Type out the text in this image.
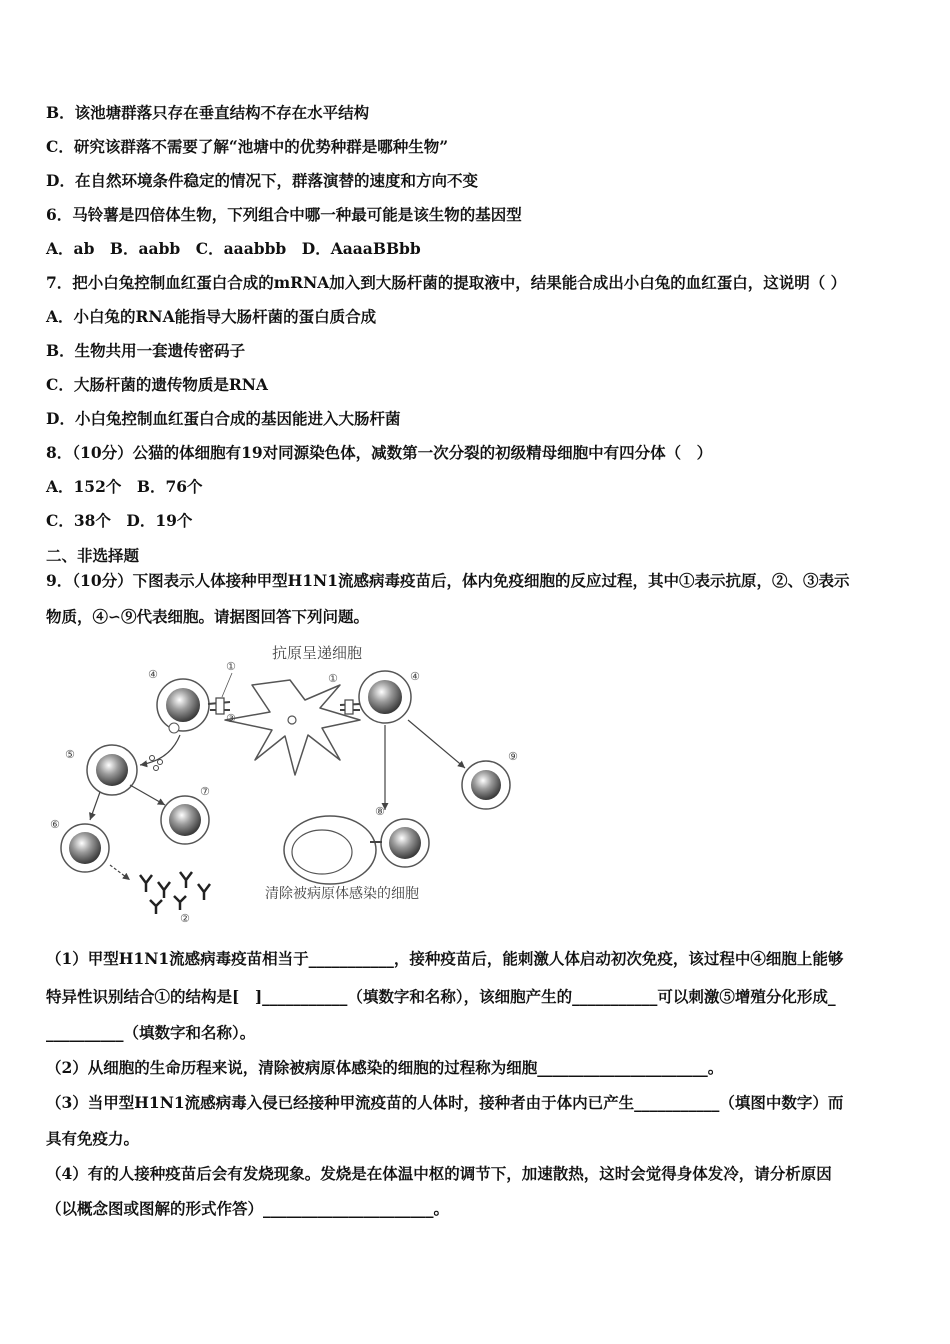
B．该池塘群落只存在垂直结构不存在水平结构
C．研究该群落不需要了解“池塘中的优势种群是哪种生物”
D．在自然环境条件稳定的情况下，群落演替的速度和方向不变
6．马铃薯是四倍体生物，下列组合中哪一种最可能是该生物的基因型
A．ab　B．aabb　C．aaabbb　D．AaaaBBbb
7．把小白兔控制血红蛋白合成的mRNA加入到大肠杆菌的提取液中，结果能合成出小白兔的血红蛋白，这说明（ ）
A．小白兔的RNA能指导大肠杆菌的蛋白质合成
B．生物共用一套遗传密码子
C．大肠杆菌的遗传物质是RNA
D．小白兔控制血红蛋白合成的基因能进入大肠杆菌
8．（10分）公猫的体细胞有19对同源染色体，减数第一次分裂的初级精母细胞中有四分体（　）
A．152个　B．76个
C．38个　D．19个
二、非选择题
9．（10分）下图表示人体接种甲型H1N1流感病毒疫苗后，体内免疫细胞的反应过程，其中①表示抗原，②、③表示
物质，④∽⑨代表细胞。请据图回答下列问题。
抗原呈递细胞
④
①
③
④
①
⑤
⑦
⑥
②
⑨
⑧
清除被病原体感染的细胞
（1）甲型H1N1流感病毒疫苗相当于___________，接种疫苗后，能刺激人体启动初次免疫，该过程中④细胞上能够
特异性识别结合①的结构是[　]___________（填数字和名称），该细胞产生的___________可以刺激⑤增殖分化形成_
__________（填数字和名称）。
（2）从细胞的生命历程来说，清除被病原体感染的细胞的过程称为细胞______________________。
（3）当甲型H1N1流感病毒入侵已经接种甲流疫苗的人体时，接种者由于体内已产生___________（填图中数字）而
具有免疫力。
（4）有的人接种疫苗后会有发烧现象。发烧是在体温中枢的调节下，加速散热，这时会觉得身体发冷，请分析原因
（以概念图或图解的形式作答）______________________。
